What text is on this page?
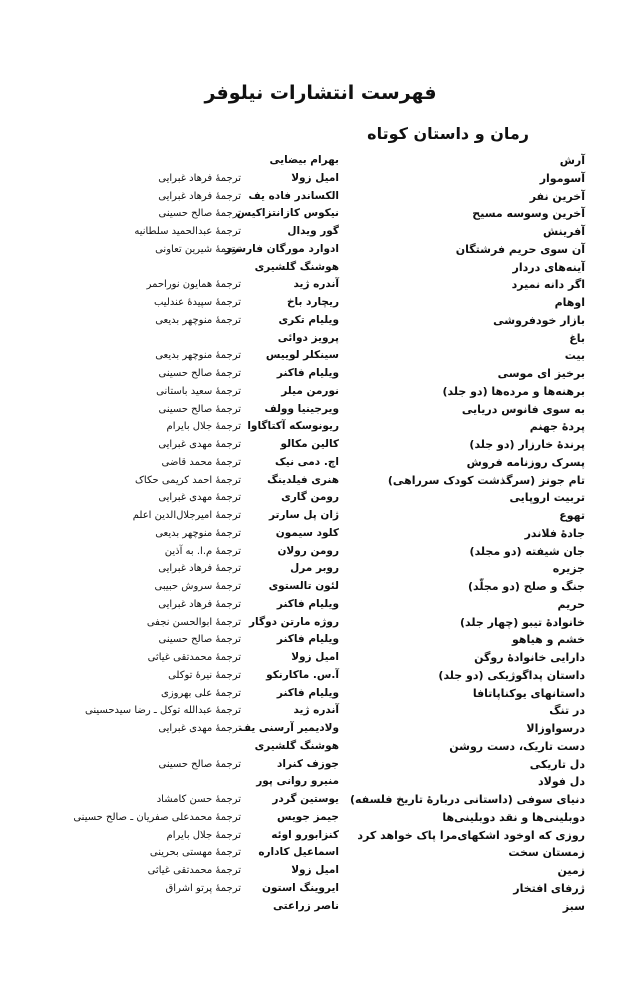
فهرست انتشارات نیلوفر
رمان و داستان کوتاه
آرش
بهرام بیضایی
آسوموار
امیل زولا
ترجمهٔ فرهاد غبرایی
آخرین نفر
الکساندر فاده یف
ترجمهٔ فرهاد غبرایی
آخرین وسوسه مسیح
نیکوس کازانتزاکیس
ترجمهٔ صالح حسینی
آفرینش
گور ویدال
ترجمهٔ عبدالحمید سلطانیه
آن سوی حریم فرشتگان
ادوارد مورگان فارستر
ترجمهٔ شیرین تعاونی
آینه‌های دردار
هوشنگ گلشیری
اگر دانه نمیرد
آندره ژید
ترجمهٔ همایون نوراحمر
اوهام
ریچارد باخ
ترجمهٔ سپیدهٔ عندلیب
بازار خودفروشی
ویلیام تکری
ترجمهٔ منوچهر بدیعی
باغ
پرویز دوائی
بیت
سینکلر لوییس
ترجمهٔ منوچهر بدیعی
برخیز ای موسی
ویلیام فاکنر
ترجمهٔ صالح حسینی
برهنه‌ها و مرده‌ها (دو جلد)
نورمن میلر
ترجمهٔ سعید باستانی
به سوی فانوس دریایی
ویرجینیا وولف
ترجمهٔ صالح حسینی
پردهٔ جهنم
ریونوسکه آکتاگاوا
ترجمهٔ جلال بایرام
پرندهٔ خارزار (دو جلد)
کالین مکالو
ترجمهٔ مهدی غبرایی
پسرک روزنامه فروش
اچ. دمی نیک
ترجمهٔ محمد قاضی
تام جونز (سرگذشت کودک سرراهی)
هنری فیلدینگ
ترجمهٔ احمد کریمی حکاک
تربیت اروپایی
رومن گاری
ترجمهٔ مهدی غبرایی
تهوع
ژان پل سارتر
ترجمهٔ امیرجلال‌الدین اعلم
جادهٔ فلاندر
کلود سیمون
ترجمهٔ منوچهر بدیعی
جان شیفته (دو مجلد)
رومن رولان
ترجمهٔ م.ا. به آذین
جزیره
روبر مرل
ترجمهٔ فرهاد غبرایی
جنگ و صلح (دو مجلّد)
لئون تالستوی
ترجمهٔ سروش حبیبی
حریم
ویلیام فاکنر
ترجمهٔ فرهاد غبرایی
خانوادهٔ تیبو (چهار جلد)
روژه مارتن دوگار
ترجمهٔ ابوالحسن نجفی
خشم و هیاهو
ویلیام فاکنر
ترجمهٔ صالح حسینی
دارایی خانوادهٔ روگن
امیل زولا
ترجمهٔ محمدتقی غیاثی
داستان پداگوژیکی (دو جلد)
آ.س. ماکارنکو
ترجمهٔ نیرهٔ توکلی
داستانهای یوکناپاتافا
ویلیام فاکنر
ترجمهٔ علی بهروزی
در تنگ
آندره ژید
ترجمهٔ عبدالله توکل ـ رضا سیدحسینی
درسواوزالا
ولادیمیر آرسنی یف
ترجمهٔ مهدی غبرایی
دست تاریک، دست روشن
هوشنگ گلشیری
دل تاریکی
جوزف کنراد
ترجمهٔ صالح حسینی
دل فولاد
منیرو روانی پور
دنیای سوفی (داستانی دربارهٔ تاریخ فلسفه)
یوستین گردر
ترجمهٔ حسن کامشاد
دوبلینی‌ها و نقد دوبلینی‌ها
جیمز جویس
ترجمهٔ محمدعلی صفریان ـ صالح حسینی
روزی که‌ اوخود اشکهای‌مرا پاک خواهد کرد
کنزابورو اوئه
ترجمهٔ جلال بایرام
زمستان سخت
اسماعیل کاداره
ترجمهٔ مهستی بحرینی
زمین
امیل زولا
ترجمهٔ محمدتقی غیاثی
ژرفای افتخار
ایروینگ استون
ترجمهٔ پرتو اشراق
سبز
ناصر زراعتی
